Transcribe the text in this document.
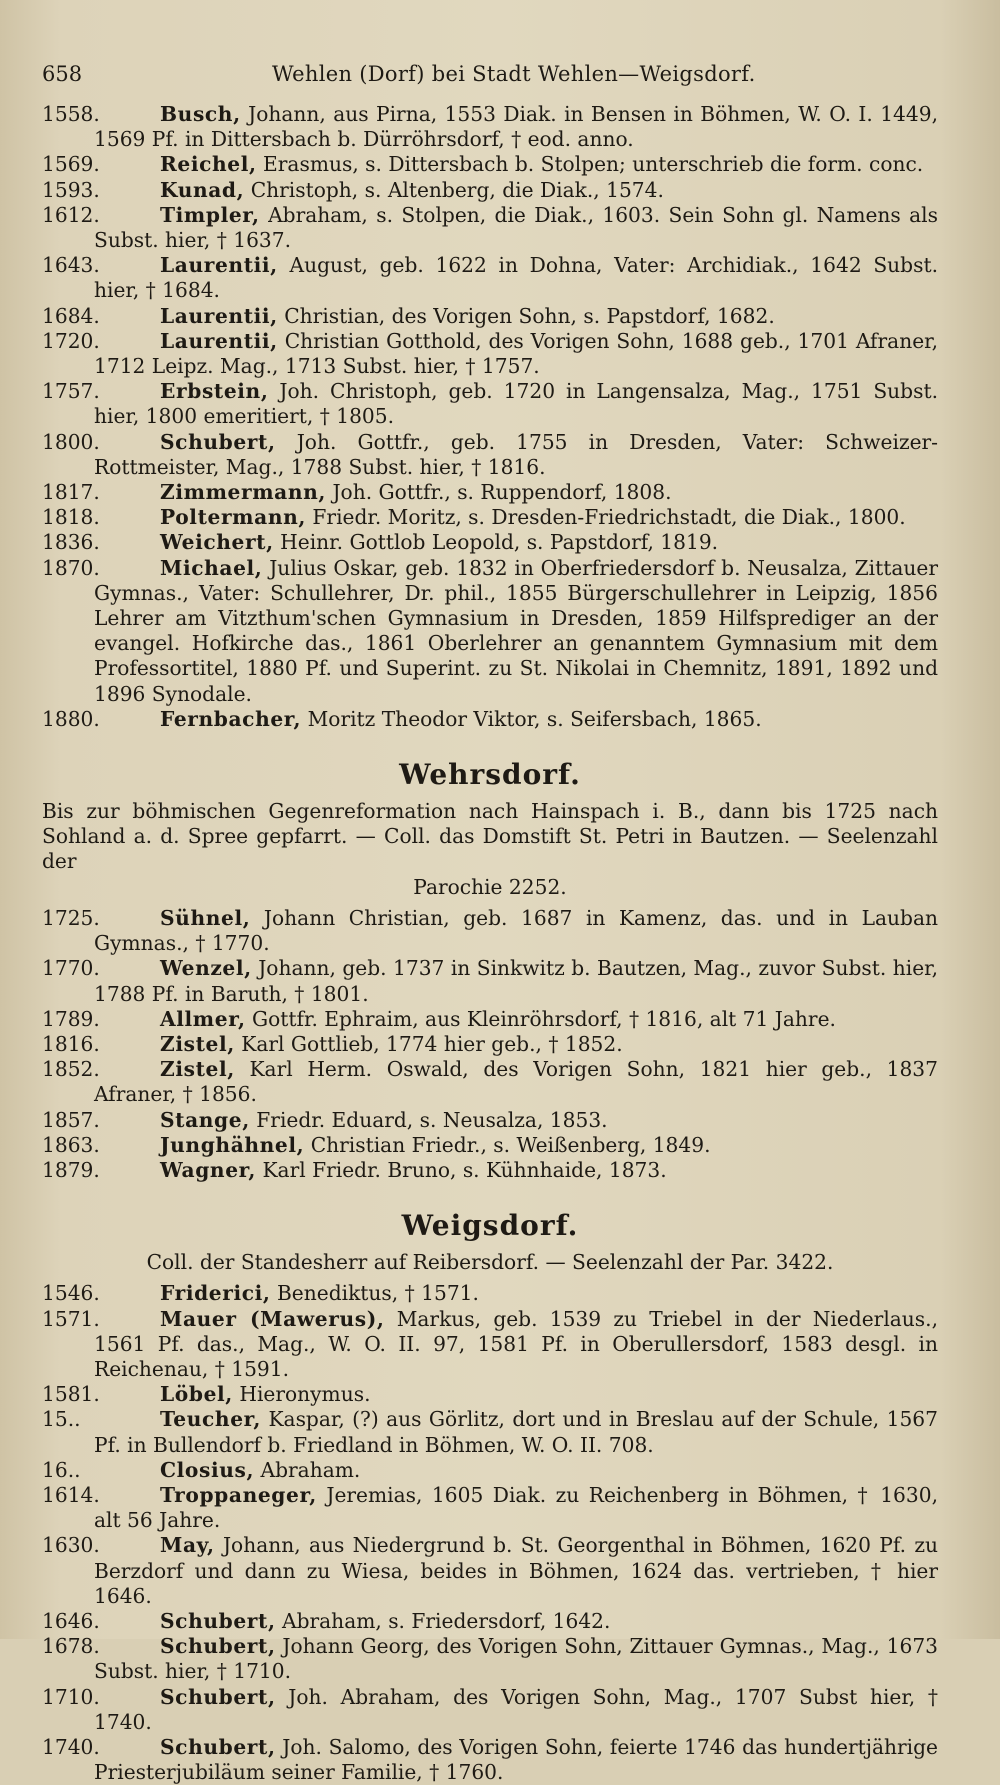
658	Wehlen (Dorf) bei Stadt Wehlen—Weigsdorf.
1558.	Busch, Johann, aus Pirna, 1553 Diak. in Bensen in Böhmen, W. O. I. 1449, 1569 Pf. in Dittersbach b. Dürröhrsdorf, † eod. anno.
1569.	Reichel, Erasmus, s. Dittersbach b. Stolpen; unterschrieb die form. conc.
1593.	Kunad, Christoph, s. Altenberg, die Diak., 1574.
1612.	Timpler, Abraham, s. Stolpen, die Diak., 1603. Sein Sohn gl. Namens als Subst. hier, † 1637.
1643.	Laurentii, August, geb. 1622 in Dohna, Vater: Archidiak., 1642 Subst. hier, † 1684.
1684.	Laurentii, Christian, des Vorigen Sohn, s. Papstdorf, 1682.
1720.	Laurentii, Christian Gotthold, des Vorigen Sohn, 1688 geb., 1701 Afraner, 1712 Leipz. Mag., 1713 Subst. hier, † 1757.
1757.	Erbstein, Joh. Christoph, geb. 1720 in Langensalza, Mag., 1751 Subst. hier, 1800 emeritiert, † 1805.
1800.	Schubert, Joh. Gottfr., geb. 1755 in Dresden, Vater: Schweizer-Rottmeister, Mag., 1788 Subst. hier, † 1816.
1817.	Zimmermann, Joh. Gottfr., s. Ruppendorf, 1808.
1818.	Poltermann, Friedr. Moritz, s. Dresden-Friedrichstadt, die Diak., 1800.
1836.	Weichert, Heinr. Gottlob Leopold, s. Papstdorf, 1819.
1870.	Michael, Julius Oskar, geb. 1832 in Oberfriedersdorf b. Neusalza, Zittauer Gymnas., Vater: Schullehrer, Dr. phil., 1855 Bürgerschullehrer in Leipzig, 1856 Lehrer am Vitzthum'schen Gymnasium in Dresden, 1859 Hilfsprediger an der evangel. Hofkirche das., 1861 Oberlehrer an genanntem Gymnasium mit dem Professortitel, 1880 Pf. und Superint. zu St. Nikolai in Chemnitz, 1891, 1892 und 1896 Synodale.
1880.	Fernbacher, Moritz Theodor Viktor, s. Seifersbach, 1865.
Wehrsdorf.
Bis zur böhmischen Gegenreformation nach Hainspach i. B., dann bis 1725 nach Sohland a. d. Spree gepfarrt. — Coll. das Domstift St. Petri in Bautzen. — Seelenzahl der
Parochie 2252.
1725.	Sühnel, Johann Christian, geb. 1687 in Kamenz, das. und in Lauban Gymnas., † 1770.
1770.	Wenzel, Johann, geb. 1737 in Sinkwitz b. Bautzen, Mag., zuvor Subst. hier, 1788 Pf. in Baruth, † 1801.
1789.	Allmer, Gottfr. Ephraim, aus Kleinröhrsdorf, † 1816, alt 71 Jahre.
1816.	Zistel, Karl Gottlieb, 1774 hier geb., † 1852.
1852.	Zistel, Karl Herm. Oswald, des Vorigen Sohn, 1821 hier geb., 1837 Afraner, † 1856.
1857.	Stange, Friedr. Eduard, s. Neusalza, 1853.
1863.	Junghähnel, Christian Friedr., s. Weißenberg, 1849.
1879.	Wagner, Karl Friedr. Bruno, s. Kühnhaide, 1873.
Weigsdorf.
Coll. der Standesherr auf Reibersdorf. — Seelenzahl der Par. 3422.
1546.	Friderici, Benediktus, † 1571.
1571.	Mauer (Mawerus), Markus, geb. 1539 zu Triebel in der Niederlaus., 1561 Pf. das., Mag., W. O. II. 97, 1581 Pf. in Oberullersdorf, 1583 desgl. in Reichenau, † 1591.
1581.	Löbel, Hieronymus.
15..	Teucher, Kaspar, (?) aus Görlitz, dort und in Breslau auf der Schule, 1567 Pf. in Bullendorf b. Friedland in Böhmen, W. O. II. 708.
16..	Closius, Abraham.
1614.	Troppaneger, Jeremias, 1605 Diak. zu Reichenberg in Böhmen, † 1630, alt 56 Jahre.
1630.	May, Johann, aus Niedergrund b. St. Georgenthal in Böhmen, 1620 Pf. zu Berzdorf und dann zu Wiesa, beides in Böhmen, 1624 das. vertrieben, † hier 1646.
1646.	Schubert, Abraham, s. Friedersdorf, 1642.
1678.	Schubert, Johann Georg, des Vorigen Sohn, Zittauer Gymnas., Mag., 1673 Subst. hier, † 1710.
1710.	Schubert, Joh. Abraham, des Vorigen Sohn, Mag., 1707 Subst hier, † 1740.
1740.	Schubert, Joh. Salomo, des Vorigen Sohn, feierte 1746 das hundertjährige Priesterjubiläum seiner Familie, † 1760.
